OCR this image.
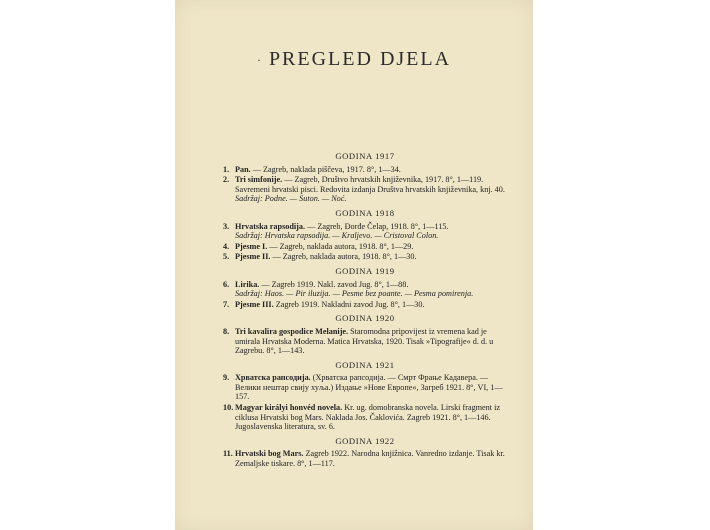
· PREGLED DJELA
GODINA 1917
1. Pan. — Zagreb, naklada piščeva, 1917. 8°, 1—34.
2. Tri simfonije. — Zagreb, Društvo hrvatskih književnika, 1917. 8°, 1—119. Savremeni hrvatski pisci. Redovita izdanja Društva hrvatskih književnika, knj. 40.
Sadržaj: Podne. — Suton. — Noć.
GODINA 1918
3. Hrvatska rapsodija. — Zagreb, Đorđe Čelap, 1918. 8°, 1—115.
Sadržaj: Hrvatska rapsodija. — Kraljevo. — Cristoval Colon.
4. Pjesme I. — Zagreb, naklada autora, 1918. 8°, 1—29.
5. Pjesme II. — Zagreb, naklada autora, 1918. 8°, 1—30.
GODINA 1919
6. Lirika. — Zagreb 1919. Nakl. zavod Jug. 8°, 1—88.
Sadržaj: Haos. — Pir iluzija. — Pesme bez poante. — Pesma pomirenja.
7. Pjesme III. Zagreb 1919. Nakladni zavod Jug. 8°, 1—30.
GODINA 1920
8. Tri kavalira gospodice Melanije. Staromodna pripovijest iz vremena kad je umirala Hrvatska Moderna. Matica Hrvatska, 1920. Tisak »Tipografije« d. d. u Zagrebu. 8°, 1—143.
GODINA 1921
9. Хрватска рапсодија. (Хрватска рапсодија. — Смрт Фрање Кадавера. — Велики нештар свију хуља.) Издање »Нове Европе«, Загреб 1921. 8°, VI, 1—157.
10. Magyar királyi honvéd novela. Kr. ug. domobranska novela. Lirski fragment iz ciklusa Hrvatski bog Mars. Naklada Jos. Čaklovića. Zagreb 1921. 8°, 1—146. Jugoslavenska literatura, sv. 6.
GODINA 1922
11. Hrvatski bog Mars. Zagreb 1922. Narodna knjižnica. Vanredno izdanje. Tisak kr. Zemaljske tiskare. 8°, 1—117.
